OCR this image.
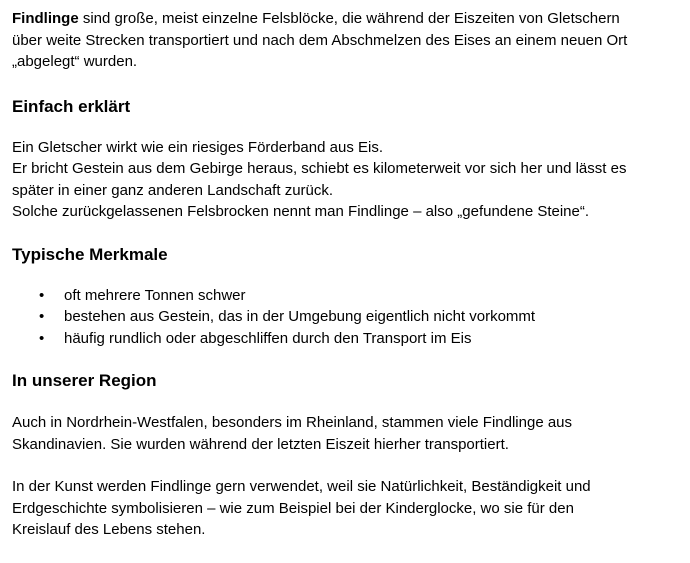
Findlinge sind große, meist einzelne Felsblöcke, die während der Eiszeiten von Gletschern
über weite Strecken transportiert und nach dem Abschmelzen des Eises an einem neuen Ort
„abgelegt“ wurden.

Einfach erklärt

Ein Gletscher wirkt wie ein riesiges Förderband aus Eis.
Er bricht Gestein aus dem Gebirge heraus, schiebt es kilometerweit vor sich her und lässt es
später in einer ganz anderen Landschaft zurück.
Solche zurückgelassenen Felsbrocken nennt man Findlinge – also „gefundene Steine“.

Typische Merkmale
• oft mehrere Tonnen schwer
• bestehen aus Gestein, das in der Umgebung eigentlich nicht vorkommt
• häufig rundlich oder abgeschliffen durch den Transport im Eis
In unserer Region

Auch in Nordrhein-Westfalen, besonders im Rheinland, stammen viele Findlinge aus
Skandinavien. Sie wurden während der letzten Eiszeit hierher transportiert.

In der Kunst werden Findlinge gern verwendet, weil sie Natürlichkeit, Beständigkeit und
Erdgeschichte symbolisieren – wie zum Beispiel bei der Kinderglocke, wo sie für den
Kreislauf des Lebens stehen.
